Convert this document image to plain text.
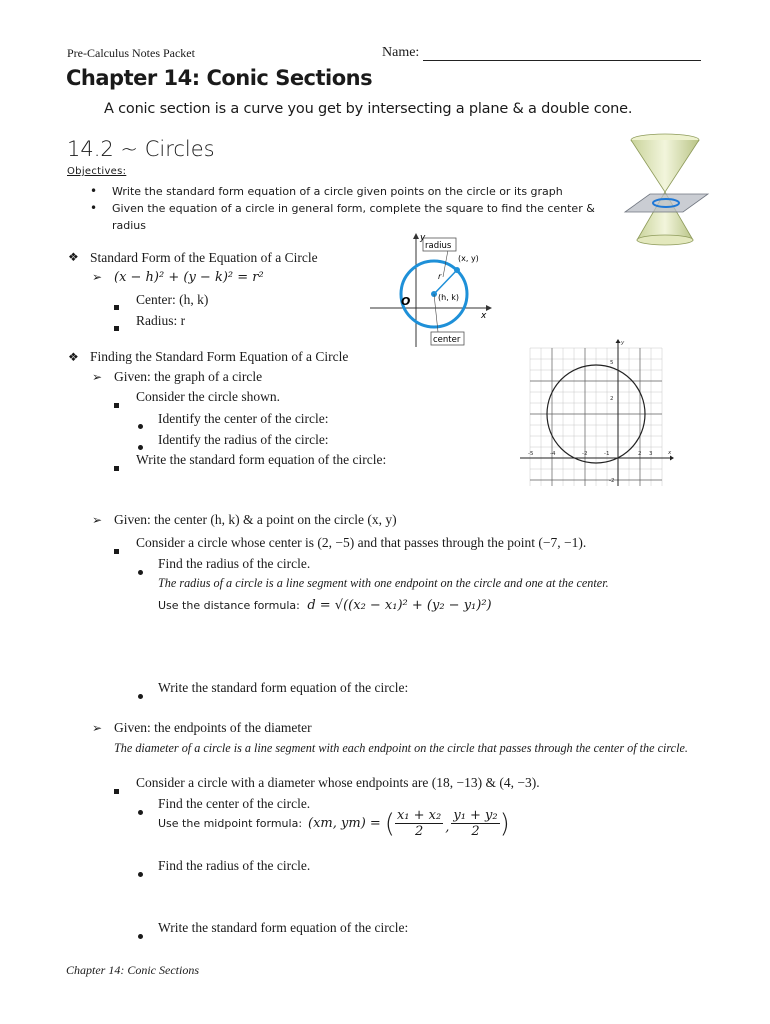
Pre-Calculus Notes Packet	Name:
Chapter 14: Conic Sections
A conic section is a curve you get by intersecting a plane & a double cone.
14.2 ~ Circles
Objectives:
• Write the standard form equation of a circle given points on the circle or its graph
• Given the equation of a circle in general form, complete the square to find the center & radius
❖ Standard Form of the Equation of a Circle
➢ (x − h)² + (y − k)² = r²
Center: (h, k)
Radius: r
y
x
O
radius
(x, y)
r
(h, k)
center
❖ Finding the Standard Form Equation of a Circle
➢ Given: the graph of a circle
Consider the circle shown.
Identify the center of the circle:
Identify the radius of the circle:
Write the standard form equation of the circle:	-5	-4	-2	-1	2 3
5
2
-2
y
x
➢ Given: the center (h, k) & a point on the circle (x, y)
Consider a circle whose center is (2, −5) and that passes through the point (−7, −1).
Find the radius of the circle.
The radius of a circle is a line segment with one endpoint on the circle and one at the center.
Use the distance formula: d = √((x₂ − x₁)² + (y₂ − y₁)²)
Write the standard form equation of the circle:
➢ Given: the endpoints of the diameter
The diameter of a circle is a line segment with each endpoint on the circle that passes through the center of the circle.
Consider a circle with a diameter whose endpoints are (18, −13) & (4, −3).
Find the center of the circle.
Use the midpoint formula: (xm, ym) = ( $\frac{\text{x₁ + x₂}}{2}$ , $\frac{\text{y₁ + y₂}}{2}$ )
Find the radius of the circle.
Write the standard form equation of the circle:
Chapter 14: Conic Sections
